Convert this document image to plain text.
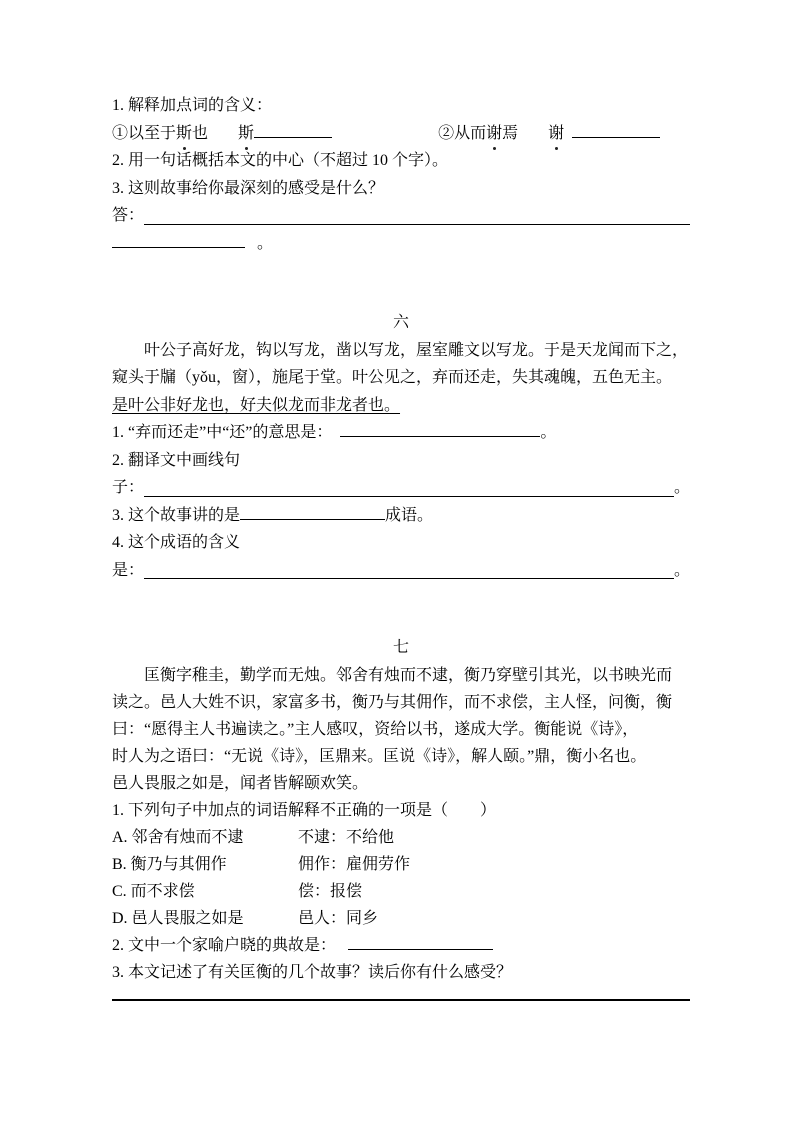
1. 解释加点词的含义：
①以至于斯也 斯	②从而谢焉 谢
2. 用一句话概括本文的中心（不超过 10 个字）。
3. 这则故事给你最深刻的感受是什么？
答：
。
六
叶公子高好龙，钩以写龙，凿以写龙，屋室雕文以写龙。于是天龙闻而下之，
窥头于牖（yǒu，窗），施尾于堂。叶公见之，弃而还走，失其魂魄，五色无主。
是叶公非好龙也，好夫似龙而非龙者也。
1. “弃而还走”中“还”的意思是：	。
2. 翻译文中画线句
子：	。
3. 这个故事讲的是	成语。
4. 这个成语的含义
是：	。
七
匡衡字稚圭，勤学而无烛。邻舍有烛而不逮，衡乃穿壁引其光，以书映光而
读之。邑人大姓不识，家富多书，衡乃与其佣作，而不求偿，主人怪，问衡，衡
曰：“愿得主人书遍读之。”主人感叹，资给以书，遂成大学。衡能说《诗》，
时人为之语曰：“无说《诗》，匡鼎来。匡说《诗》，解人颐。”鼎，衡小名也。
邑人畏服之如是，闻者皆解颐欢笑。
1. 下列句子中加点的词语解释不正确的一项是（　　）
A. 邻舍有烛而不逮	不逮：不给他
B. 衡乃与其佣作	佣作：雇佣劳作
C. 而不求偿	偿：报偿
D. 邑人畏服之如是	邑人：同乡
2. 文中一个家喻户晓的典故是：
3. 本文记述了有关匡衡的几个故事？读后你有什么感受？
